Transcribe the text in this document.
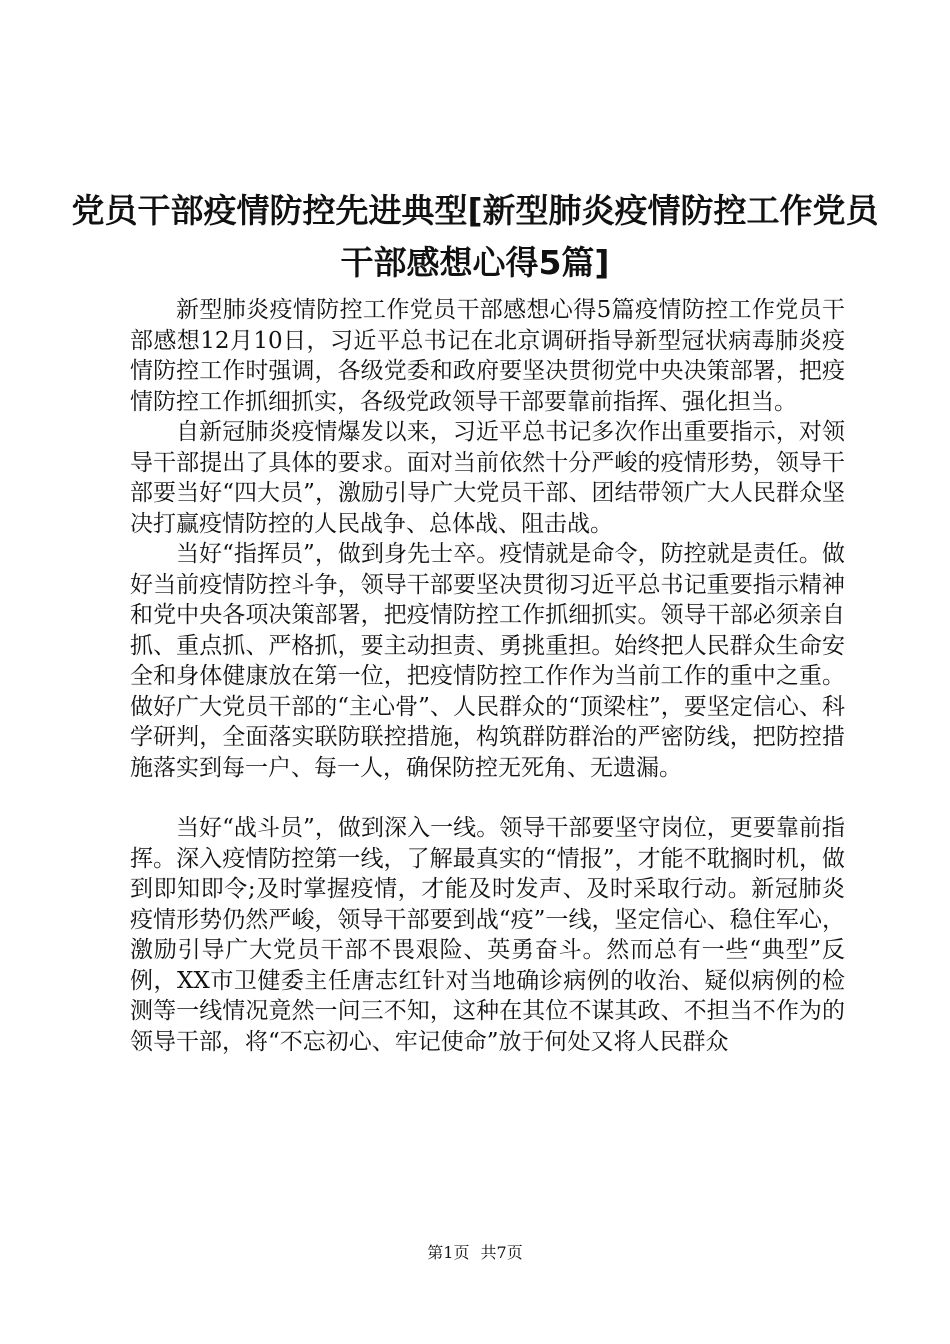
党员干部疫情防控先进典型[新型肺炎疫情防控工作党员干部感想心得5篇]

新型肺炎疫情防控工作党员干部感想心得5篇疫情防控工作党员干部感想12月10日，习近平总书记在北京调研指导新型冠状病毒肺炎疫情防控工作时强调，各级党委和政府要坚决贯彻党中央决策部署，把疫情防控工作抓细抓实，各级党政领导干部要靠前指挥、强化担当。

自新冠肺炎疫情爆发以来，习近平总书记多次作出重要指示，对领导干部提出了具体的要求。面对当前依然十分严峻的疫情形势，领导干部要当好“四大员”，激励引导广大党员干部、团结带领广大人民群众坚决打赢疫情防控的人民战争、总体战、阻击战。

当好“指挥员”，做到身先士卒。疫情就是命令，防控就是责任。做好当前疫情防控斗争，领导干部要坚决贯彻习近平总书记重要指示精神和党中央各项决策部署，把疫情防控工作抓细抓实。领导干部必须亲自抓、重点抓、严格抓，要主动担责、勇挑重担。始终把人民群众生命安全和身体健康放在第一位，把疫情防控工作作为当前工作的重中之重。做好广大党员干部的“主心骨”、人民群众的“顶梁柱”，要坚定信心、科学研判，全面落实联防联控措施，构筑群防群治的严密防线，把防控措施落实到每一户、每一人，确保防控无死角、无遗漏。

当好“战斗员”，做到深入一线。领导干部要坚守岗位，更要靠前指挥。深入疫情防控第一线，了解最真实的“情报”，才能不耽搁时机，做到即知即令;及时掌握疫情，才能及时发声、及时采取行动。新冠肺炎疫情形势仍然严峻，领导干部要到战“疫”一线，坚定信心、稳住军心，激励引导广大党员干部不畏艰险、英勇奋斗。然而总有一些“典型”反例，XX市卫健委主任唐志红针对当地确诊病例的收治、疑似病例的检测等一线情况竟然一问三不知，这种在其位不谋其政、不担当不作为的领导干部，将“不忘初心、牢记使命”放于何处又将人民群众

第1页 共7页
